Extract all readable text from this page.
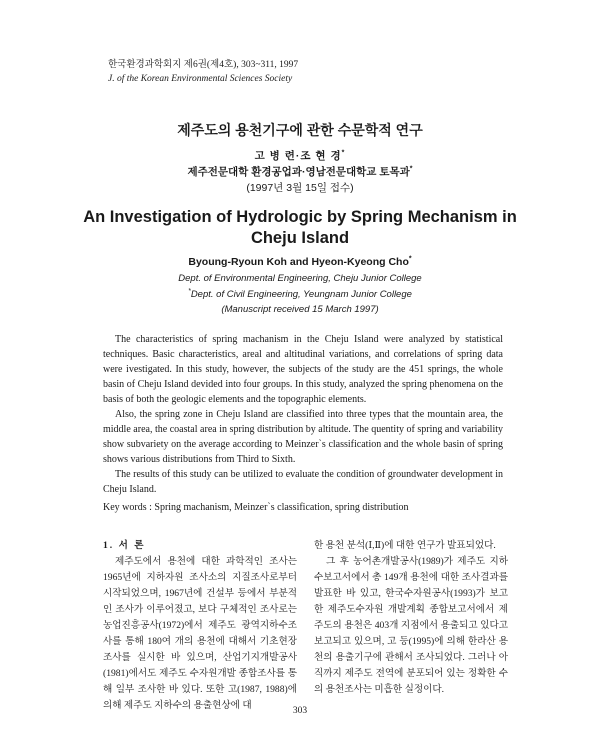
한국환경과학회지 제6권(제4호), 303~311, 1997
J. of the Korean Environmental Sciences Society
제주도의 용천기구에 관한 수문학적 연구
고 병 련·조 현 경*
제주전문대학 환경공업과·영남전문대학교 토목과*
(1997년 3월 15일 접수)
An Investigation of Hydrologic by Spring Mechanism in Cheju Island
Byoung-Ryoun Koh and Hyeon-Kyeong Cho*
Dept. of Environmental Engineering, Cheju Junior College
*Dept. of Civil Engineering, Yeungnam Junior College
(Manuscript received 15 March 1997)

The characteristics of spring machanism in the Cheju Island were analyzed by statistical techniques. Basic characteristics, areal and altitudinal variations, and correlations of spring data were ivestigated. In this study, however, the subjects of the study are the 451 springs, the whole basin of Cheju Island devided into four groups. In this study, analyzed the spring phenomena on the basis of both the geologic elements and the topographic elements.

Also, the spring zone in Cheju Island are classified into three types that the mountain area, the middle area, the coastal area in spring distribution by altitude. The quentity of spring and variability show subvariety on the average according to Meinzer`s classification and the whole basin of spring shows various distributions from Third to Sixth.

The results of this study can be utilized to evaluate the condition of groundwater development in Cheju Island.

Key words : Spring machanism, Meinzer`s classification, spring distribution

1. 서 론

제주도에서 용천에 대한 과학적인 조사는 1965년에 지하자원 조사소의 지질조사로부터 시작되었으며, 1967년에 건설부 등에서 부분적인 조사가 이루어졌고, 보다 구체적인 조사로는 농업진흥공사(1972)에서 제주도 광역지하수조사를 통해 180여 개의 용천에 대해서 기초현장조사를 실시한 바 있으며, 산업기지개발공사(1981)에서도 제주도 수자원개발 종합조사를 통해 일부 조사한 바 있다. 또한 고(1987, 1988)에 의해 제주도 지하수의 용출현상에 대

한 용천 분석(Ⅰ,Ⅱ)에 대한 연구가 발표되었다.

그 후 농어촌개발공사(1989)가 제주도 지하수보고서에서 총 149개 용천에 대한 조사결과를 발표한 바 있고, 한국수자원공사(1993)가 보고한 제주도수자원 개발계획 종합보고서에서 제주도의 용천은 403개 지점에서 용출되고 있다고 보고되고 있으며, 고 등(1995)에 의해 한라산 용천의 용출기구에 관해서 조사되었다. 그러나 아직까지 제주도 전역에 분포되어 있는 정확한 수의 용천조사는 미흡한 실정이다.

303
